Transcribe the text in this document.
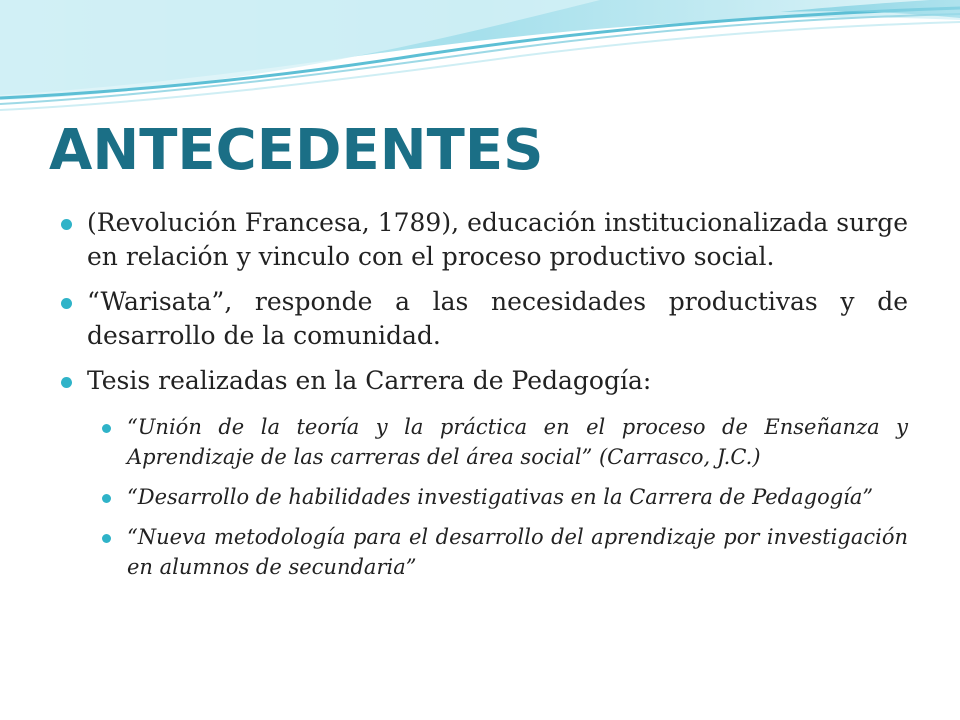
ANTECEDENTES
(Revolución Francesa, 1789), educación institucionalizada surge en relación y vinculo con el proceso productivo social.
“Warisata”, responde a las necesidades productivas y de desarrollo de la comunidad.
Tesis realizadas en la Carrera de Pedagogía:
“Unión de la teoría y la práctica en el proceso de Enseñanza y Aprendizaje de las carreras del área social” (Carrasco, J.C.)
“Desarrollo de habilidades investigativas en la Carrera de Pedagogía”
“Nueva metodología para el desarrollo del aprendizaje por investigación en alumnos de secundaria”
